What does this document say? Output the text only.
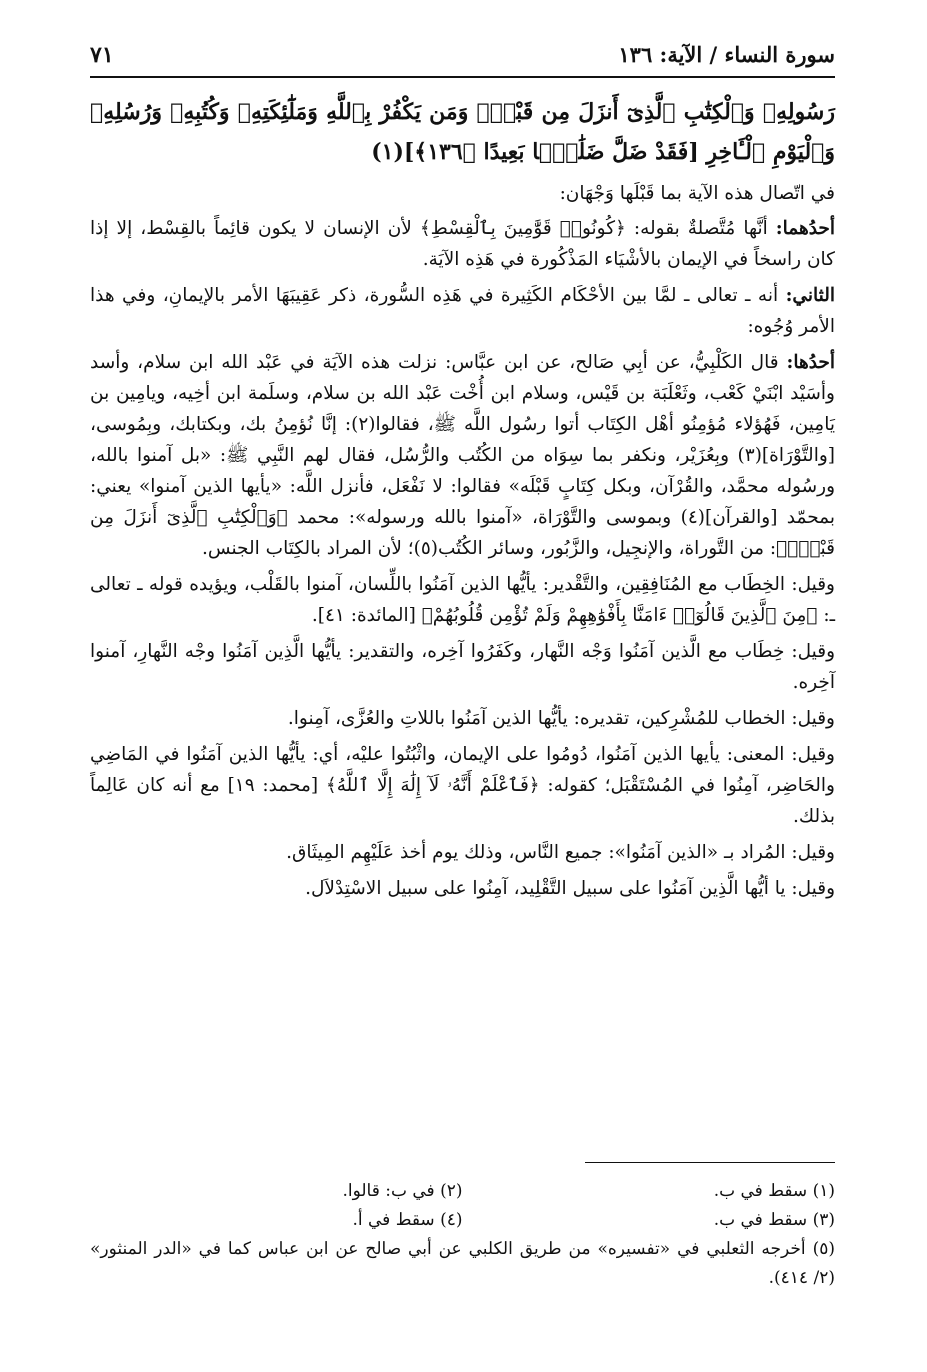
سورة النساء / الآية: ١٣٦
٧١

رَسُولِهِۦ وَٱلْكِتَٰبِ ٱلَّذِىٓ أَنزَلَ مِن قَبْلُۚ وَمَن يَكْفُرْ بِٱللَّهِ وَمَلَٰٓئِكَتِهِۦ وَكُتُبِهِۦ وَرُسُلِهِۦ وَٱلْيَوْمِ ٱلْـَٔاخِرِ [فَقَدْ ضَلَّ ضَلَٰلًۢا بَعِيدًا ﴿١٣٦﴾](١)

في اتّصال هذه الآية بما قَبْلَها وَجْهَان:

أحدُهما: أنَّها مُتَّصلةٌ بقوله: ﴿كُونُوا۟ قَوَّٰمِينَ بِٱلْقِسْطِ﴾ لأن الإنسان لا يكون قائِماً بالقِسْط، إلا إذا كان راسخاً في الإيمان بالأشْيَاء المَذْكُورة في هَذِه الآيَة.

الثاني: أنه ـ تعالى ـ لمَّا بين الأحْكَام الكَثِيرة في هَذِه السُّورة، ذكر عَقِيبَهَا الأمر بالإيمانِ، وفي هذا الأمر وُجُوه:

أحدُها: قال الكَلْبِيُّ، عن أبِي صَالح، عن ابن عبَّاس: نزلت هذه الآيَة في عَبْد الله ابن سلام، وأسد وأسَيْد ابْنَيْ كَعْب، وثَعْلَبَة بن قَيْس، وسلام ابن أُخْت عَبْد الله بن سلام، وسلَمة ابن أخِيه، ويامِين بن يَامِين، فَهُؤلاء مُؤمِنُو أهْل الكِتَاب أتوا رسُول اللَّه ﷺ، فقالوا(٢): إنَّا نُؤمِنُ بك، وبكتابك، وبِمُوسى، [والتَّوْرَاة](٣) وبِعُزَيْر، ونكفر بما سِوَاه من الكُتُب والرُّسُل، فقال لهم النَّبِي ﷺ: «بل آمنوا بالله، ورسُوله محمَّد، والقُرْآن، وبكل كِتَابٍ قَبْلَه» فقالوا: لا نَفْعَل، فأنزل اللَّه: «يأيها الذين آمنوا» يعني: بمحمّد [والقرآن](٤) وبموسى والتَّوْرَاة، «آمنوا بالله ورسوله»: محمد ﴿وَٱلْكِتَٰبِ ٱلَّذِىٓ أَنزَلَ مِن قَبْلُۚ﴾: من التَّوراة، والإنجِيل، والزَّبُور، وسائر الكُتُب(٥)؛ لأن المراد بالكِتَاب الجنس.

وقيل: الخِطَاب مع المُنَافِقِين، والتَّقْدير: يأيُّها الذين آمَنُوا باللِّسان، آمنوا بالقَلْب، ويؤيده قوله ـ تعالى ـ: ﴿مِنَ ٱلَّذِينَ قَالُوٓا۟ ءَامَنَّا بِأَفْوَٰهِهِمْ وَلَمْ تُؤْمِن قُلُوبُهُمْ﴾ [المائدة: ٤١].

وقيل: خِطَاب مع الَّذين آمَنُوا وَجْه النَّهار، وكَفَرُوا آخِره، والتقدير: يأيُّها الَّذِين آمَنُوا وجْه النَّهارِ، آمنوا آخِره.

وقيل: الخطاب للمُشْرِكين، تقديره: يأيُّها الذين آمَنُوا باللاتِ والعُزَّى، آمِنوا.

وقيل: المعنى: يأيها الذين آمَنُوا، دُومُوا على الإيمان، واثْبُتُوا عليْه، أي: يأيُّها الذين آمَنُوا في المَاضِي والحَاضِر، آمِنُوا في المُسْتَقْبَل؛ كقوله: ﴿فَٱعْلَمْ أَنَّهُۥ لَآ إِلَٰهَ إِلَّا ٱللَّهُ﴾ [محمد: ١٩] مع أنه كان عَالِماً بذلك.

وقيل: المُراد بـ «الذين آمَنُوا»: جميع النَّاس، وذلك يوم أخذ عَلَيْهِم المِيثَاق.

وقيل: يا أيُّها الَّذِين آمَنُوا على سبيل التَّقْلِيد، آمِنُوا على سبيل الاسْتِدْلاَل.

(١) سقط في ب.
(٢) في ب: قالوا.
(٣) سقط في ب.
(٤) سقط في أ.
(٥) أخرجه الثعلبي في «تفسيره» من طريق الكلبي عن أبي صالح عن ابن عباس كما في «الدر المنثور» (٢/ ٤١٤).
